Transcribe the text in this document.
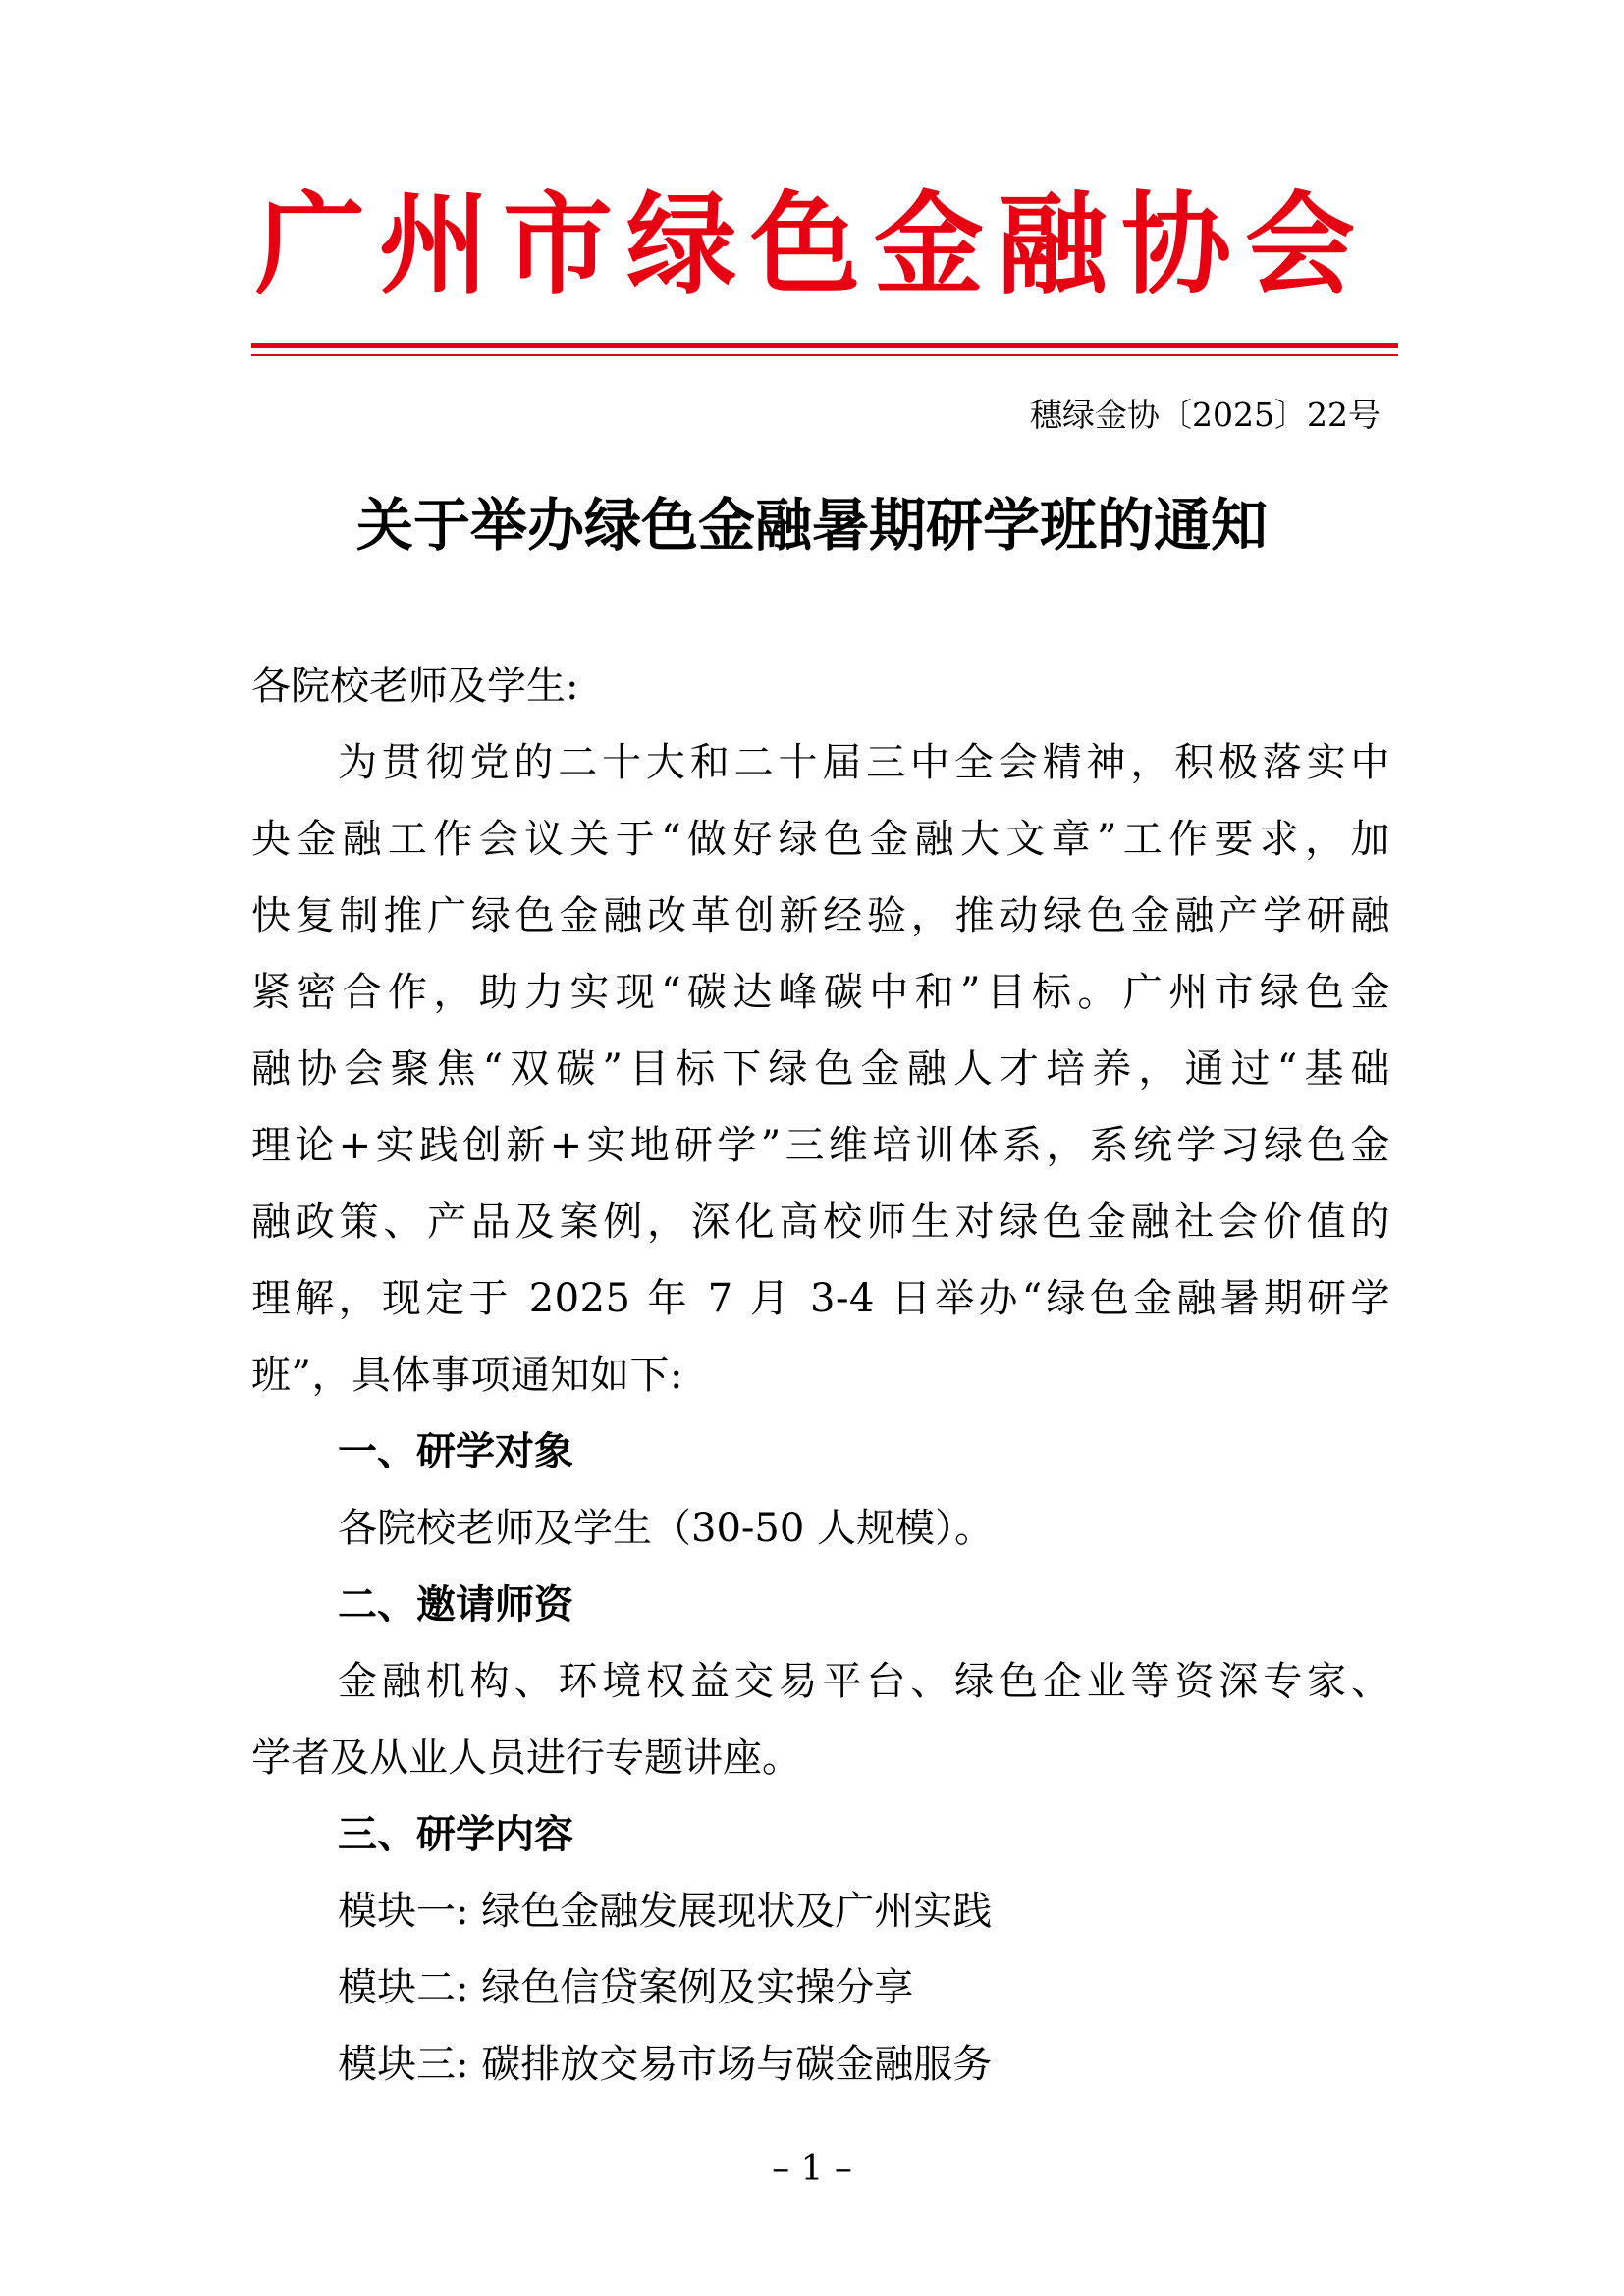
广州市绿色金融协会
穗绿金协〔2025〕22号
关于举办绿色金融暑期研学班的通知
各院校老师及学生:
为贯彻党的二十大和二十届三中全会精神，积极落实中
央金融工作会议关于“做好绿色金融大文章”工作要求，加
快复制推广绿色金融改革创新经验，推动绿色金融产学研融
紧密合作，助力实现“碳达峰碳中和”目标。广州市绿色金
融协会聚焦“双碳”目标下绿色金融人才培养，通过“基础
理论+实践创新+实地研学”三维培训体系，系统学习绿色金
融政策、产品及案例，深化高校师生对绿色金融社会价值的
理解，现定于 2025 年 7 月 3-4 日举办“绿色金融暑期研学
班”，具体事项通知如下:
一、研学对象
各院校老师及学生（30-50 人规模）。
二、邀请师资
金融机构、环境权益交易平台、绿色企业等资深专家、
学者及从业人员进行专题讲座。
三、研学内容
模块一: 绿色金融发展现状及广州实践
模块二: 绿色信贷案例及实操分享
模块三: 碳排放交易市场与碳金融服务
– 1 –
